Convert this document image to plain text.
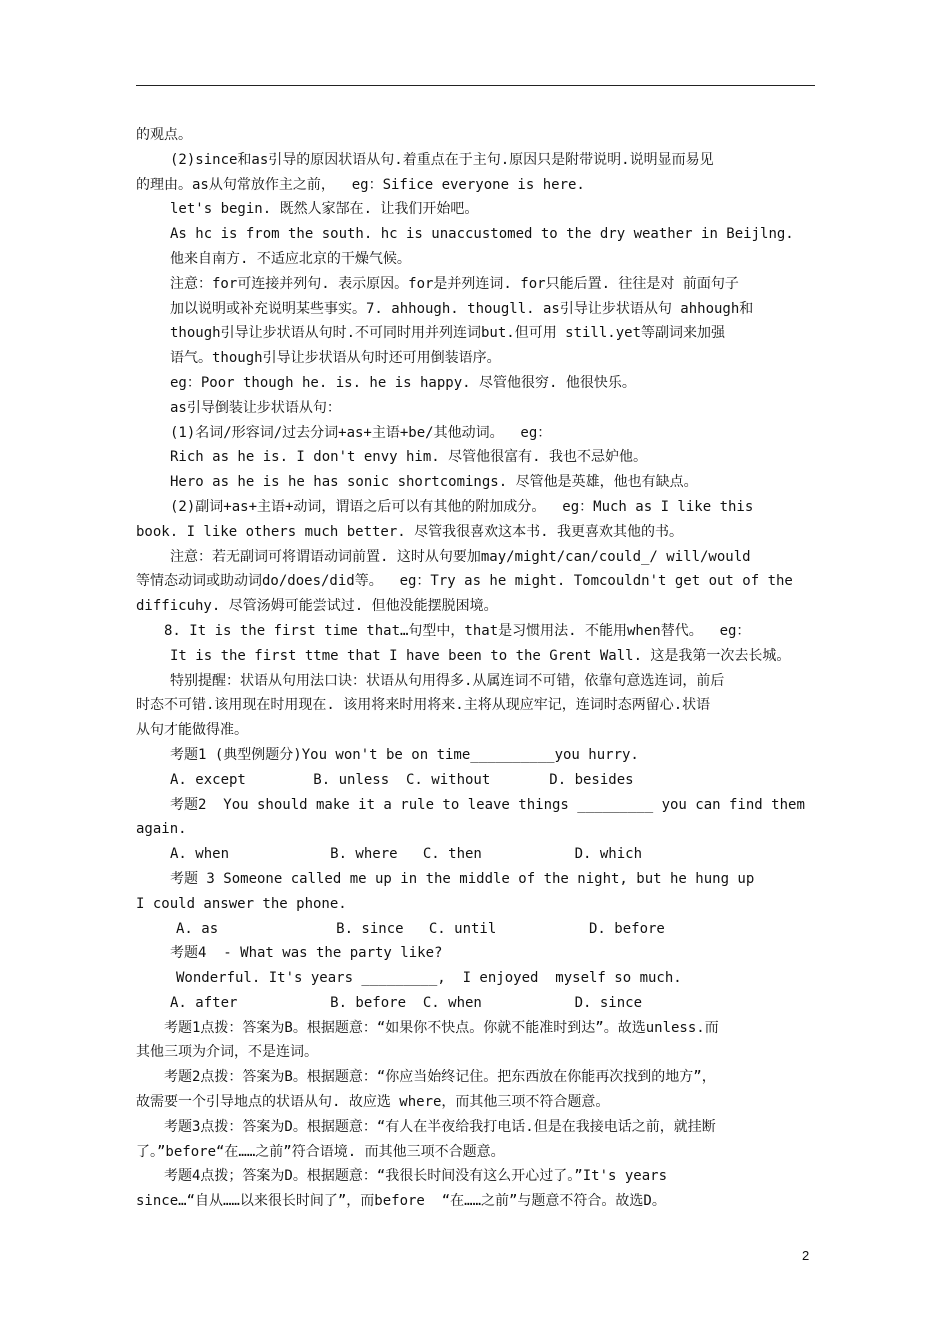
的观点。
(2)since和as引导的原因状语从句.着重点在于主句.原因只是附带说明.说明显而易见
的理由。as从句常放作主之前，  eg：Sifice everyone is here.
let's begin. 既然人家郜在. 让我们开始吧。
As hc is from the south. hc is unaccustomed to the dry weather in Beijlng.
他来自南方. 不适应北京的干燥气候。
注意：for可连接并列句. 表示原因。for是并列连词. for只能后置. 往往是对 前面句子
加以说明或补充说明某些事实。7. ahhough. thougll. as引导让步状语从句 ahhough和
though引导让步状语从句时.不可同时用并列连词but.但可用 still.yet等副词来加强
语气。though引导让步状语从句时还可用倒装语序。
eg：Poor though he. is. he is happy. 尽管他很穷. 他很快乐。
as引导倒装让步状语从句：
(1)名词/形容词/过去分词+as+主语+be/其他动词。  eg：
Rich as he is. I don't envy him. 尽管他很富有. 我也不忌妒他。
Hero as he is he has sonic shortcomings. 尽管他是英雄，他也有缺点。
(2)副词+as+主语+动词，谓语之后可以有其他的附加成分。  eg：Much as I like this
book. I like others much better. 尽管我很喜欢这本书. 我更喜欢其他的书。
注意：若无副词可将谓语动词前置. 这时从句要加may/might/can/could_/ will/would
等情态动词或助动词do/does/did等。  eg：Try as he might. Tomcouldn't get out of the
difficuhy. 尽管汤姆可能尝试过. 但他没能摆脱困境。
8. It is the first time that…句型中，that是习惯用法. 不能用when替代。  eg：
It is the first ttme that I have been to the Grent Wall. 这是我第一次去长城。
特别提醒：状语从句用法口诀：状语从句用得多.从属连词不可错，依靠句意选连词，前后
时态不可错.该用现在时用现在. 该用将来时用将来.主将从现应牢记，连词时态两留心.状语
从句才能做得准。
考题1 (典型例题分)You won't be on time__________you hurry.
A. except        B. unless  C. without       D. besides
考题2  You should make it a rule to leave things _________ you can find them
again.
A. when            B. where   C. then           D. which
考题 3 Someone called me up in the middle of the night, but he hung up
I could answer the phone.
A. as              B. since   C. until           D. before
考题4  - What was the party like?
Wonderful. It's years _________,  I enjoyed  myself so much.
A. after           B. before  C. when           D. since
考题1点拨：答案为B。根据题意：“如果你不快点。你就不能准时到达”。故选unless.而
其他三项为介词，不是连词。
考题2点拨：答案为B。根据题意：“你应当始终记住。把东西放在你能再次找到的地方”，
故需要一个引导地点的状语从句. 故应选 where，而其他三项不符合题意。
考题3点拨：答案为D。根据题意：“有人在半夜给我打电话.但是在我接电话之前，就挂断
了。”before“在……之前”符合语境. 而其他三项不合题意。
考题4点拨；答案为D。根据题意：“我很长时间没有这么开心过了。”It's years
since…“自从……以来很长时间了”，而before  “在……之前”与题意不符合。故选D。
2
